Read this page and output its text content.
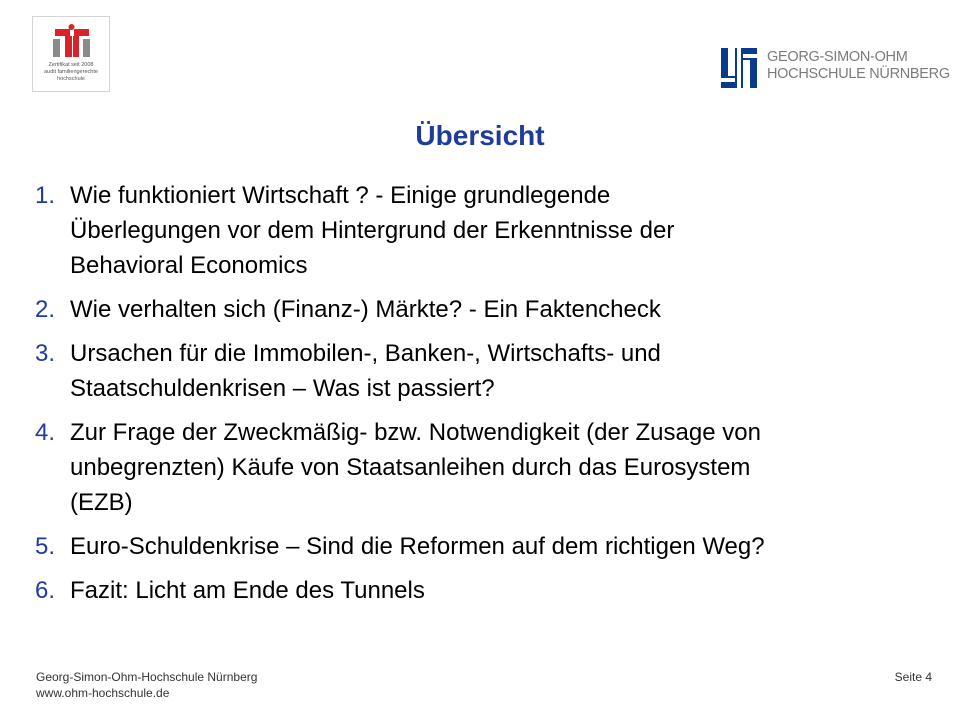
Zertifikat seit 2008
audit familiengerechte
hochschule
GEORG-SIMON-OHM
HOCHSCHULE NÜRNBERG
Übersicht
1. Wie funktioniert Wirtschaft ? - Einige grundlegende
Überlegungen vor dem Hintergrund der Erkenntnisse der
Behavioral Economics
2. Wie verhalten sich (Finanz-) Märkte? - Ein Faktencheck
3. Ursachen für die Immobilen-, Banken-, Wirtschafts- und
Staatschuldenkrisen – Was ist passiert?
4. Zur Frage der Zweckmäßig- bzw. Notwendigkeit (der Zusage von
unbegrenzten) Käufe von Staatsanleihen durch das Eurosystem
(EZB)
5. Euro-Schuldenkrise – Sind die Reformen auf dem richtigen Weg?
6. Fazit: Licht am Ende des Tunnels
Georg-Simon-Ohm-Hochschule Nürnberg
www.ohm-hochschule.de
Seite 4
